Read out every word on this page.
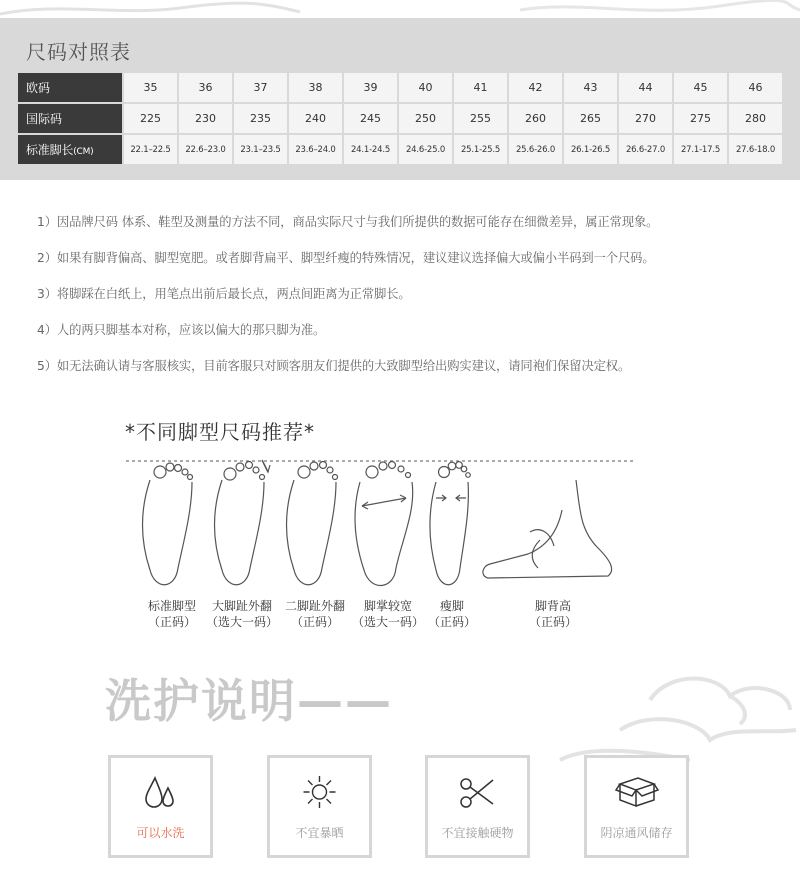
尺码对照表
欧码	35	36	37	38	39	40	41	42	43	44	45	46
国际码	225	230	235	240	245	250	255	260	265	270	275	280
标准脚长(CM)	22.1–22.5	22.6–23.0	23.1–23.5	23.6–24.0	24.1-24.5	24.6-25.0	25.1-25.5	25.6-26.0	26.1-26.5	26.6-27.0	27.1-17.5	27.6-18.0

1）因品牌尺码 体系、鞋型及测量的方法不同，商品实际尺寸与我们所提供的数据可能存在细微差异，属正常现象。

2）如果有脚背偏高、脚型宽肥。或者脚背扁平、脚型纤瘦的特殊情况，建议建议选择偏大或偏小半码到一个尺码。

3）将脚踩在白纸上，用笔点出前后最长点，两点间距离为正常脚长。

4）人的两只脚基本对称，应该以偏大的那只脚为准。

5）如无法确认请与客服核实，目前客服只对顾客朋友们提供的大致脚型给出购实建议，请同袍们保留决定权。

*不同脚型尺码推荐*
标准脚型
（正码）
大脚趾外翻
（选大一码）
二脚趾外翻
（正码）
脚掌较宽
（选大一码）
瘦脚
（正码）
脚背高
（正码）
洗护说明——
可以水洗	不宜暴晒	不宜接触硬物	阴凉通风储存
